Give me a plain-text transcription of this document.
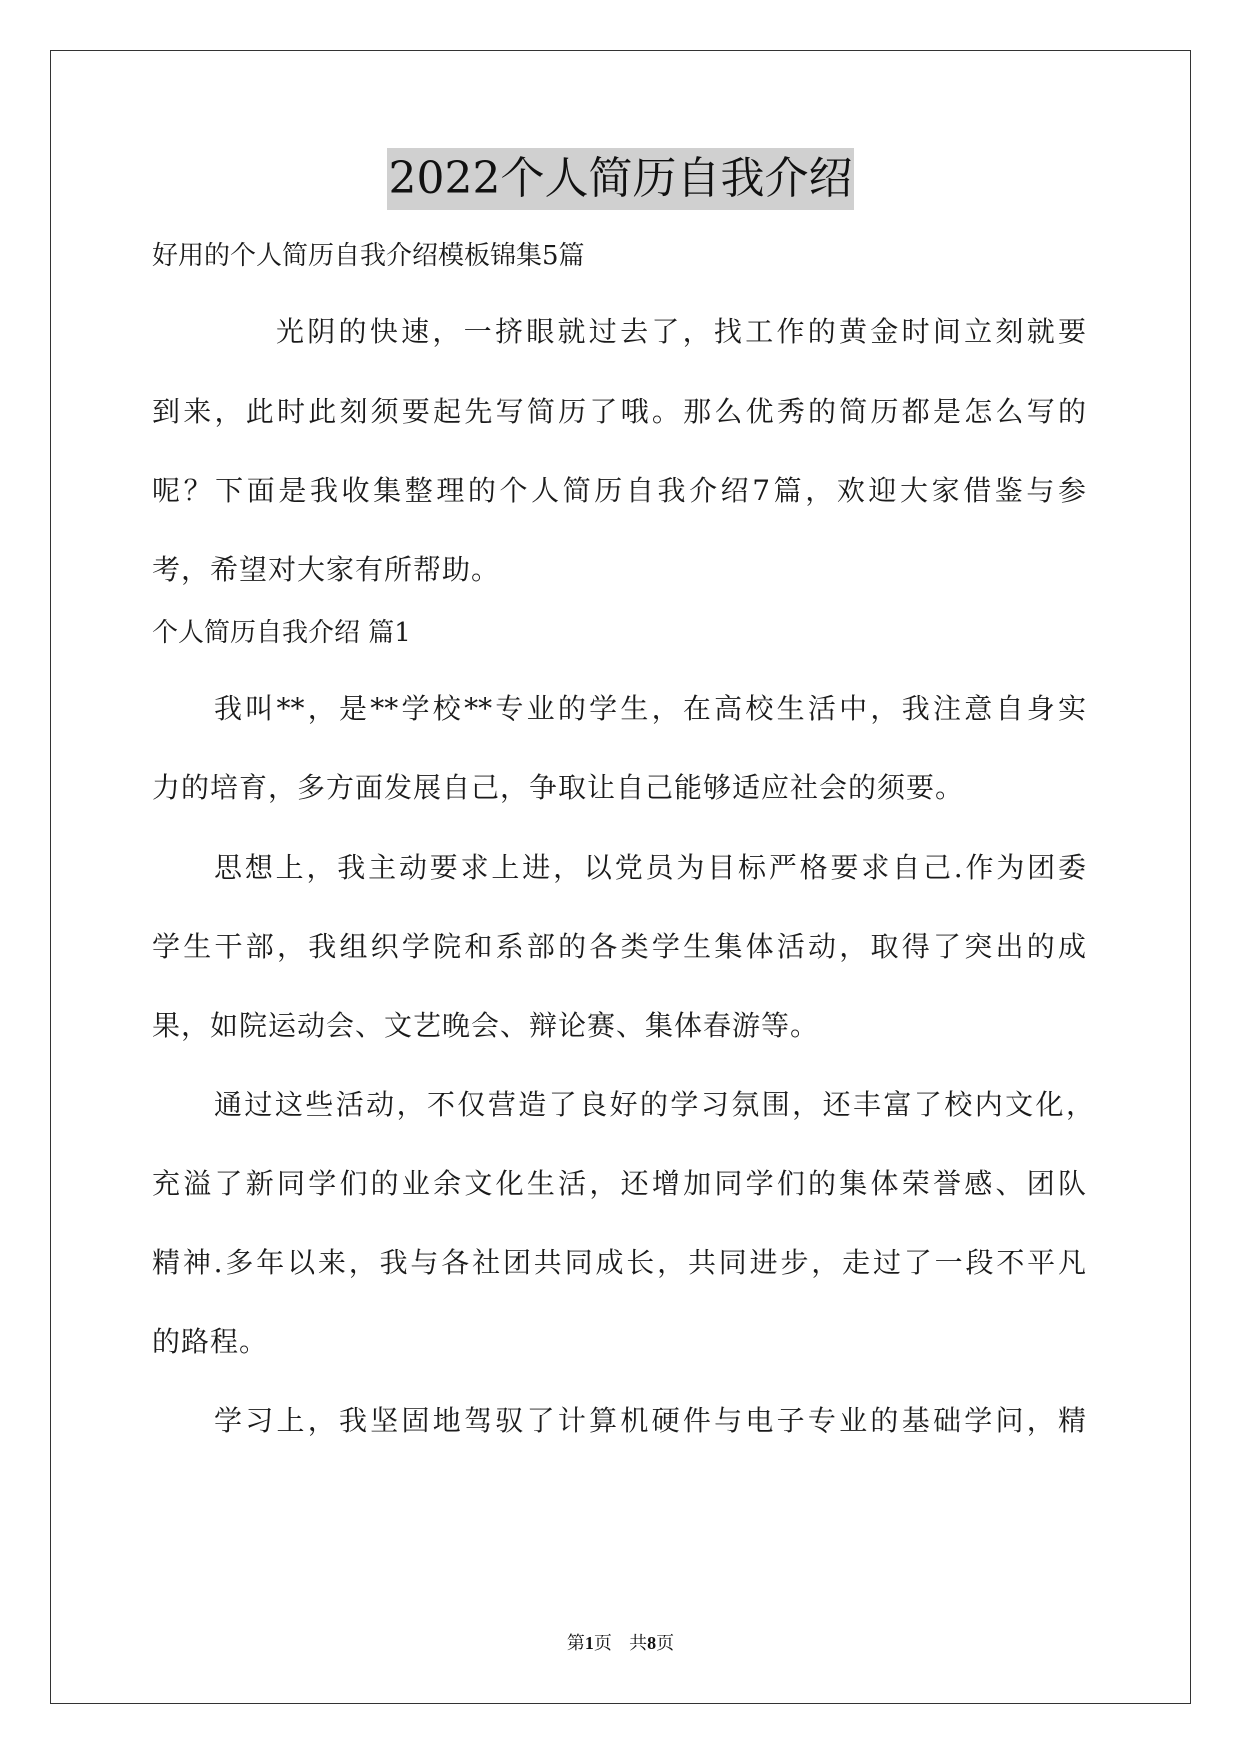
2022个人简历自我介绍
好用的个人简历自我介绍模板锦集5篇
光阴的快速，一挤眼就过去了，找工作的黄金时间立刻就要
到来，此时此刻须要起先写简历了哦。那么优秀的简历都是怎么写的
呢？下面是我收集整理的个人简历自我介绍7篇，欢迎大家借鉴与参
考，希望对大家有所帮助。
个人简历自我介绍 篇1
我叫**，是**学校**专业的学生，在高校生活中，我注意自身实
力的培育，多方面发展自己，争取让自己能够适应社会的须要。
思想上，我主动要求上进，以党员为目标严格要求自己.作为团委
学生干部，我组织学院和系部的各类学生集体活动，取得了突出的成
果，如院运动会、文艺晚会、辩论赛、集体春游等。
通过这些活动，不仅营造了良好的学习氛围，还丰富了校内文化，
充溢了新同学们的业余文化生活，还增加同学们的集体荣誉感、团队
精神.多年以来，我与各社团共同成长，共同进步，走过了一段不平凡
的路程。
学习上，我坚固地驾驭了计算机硬件与电子专业的基础学问，精
第1页   共8页
